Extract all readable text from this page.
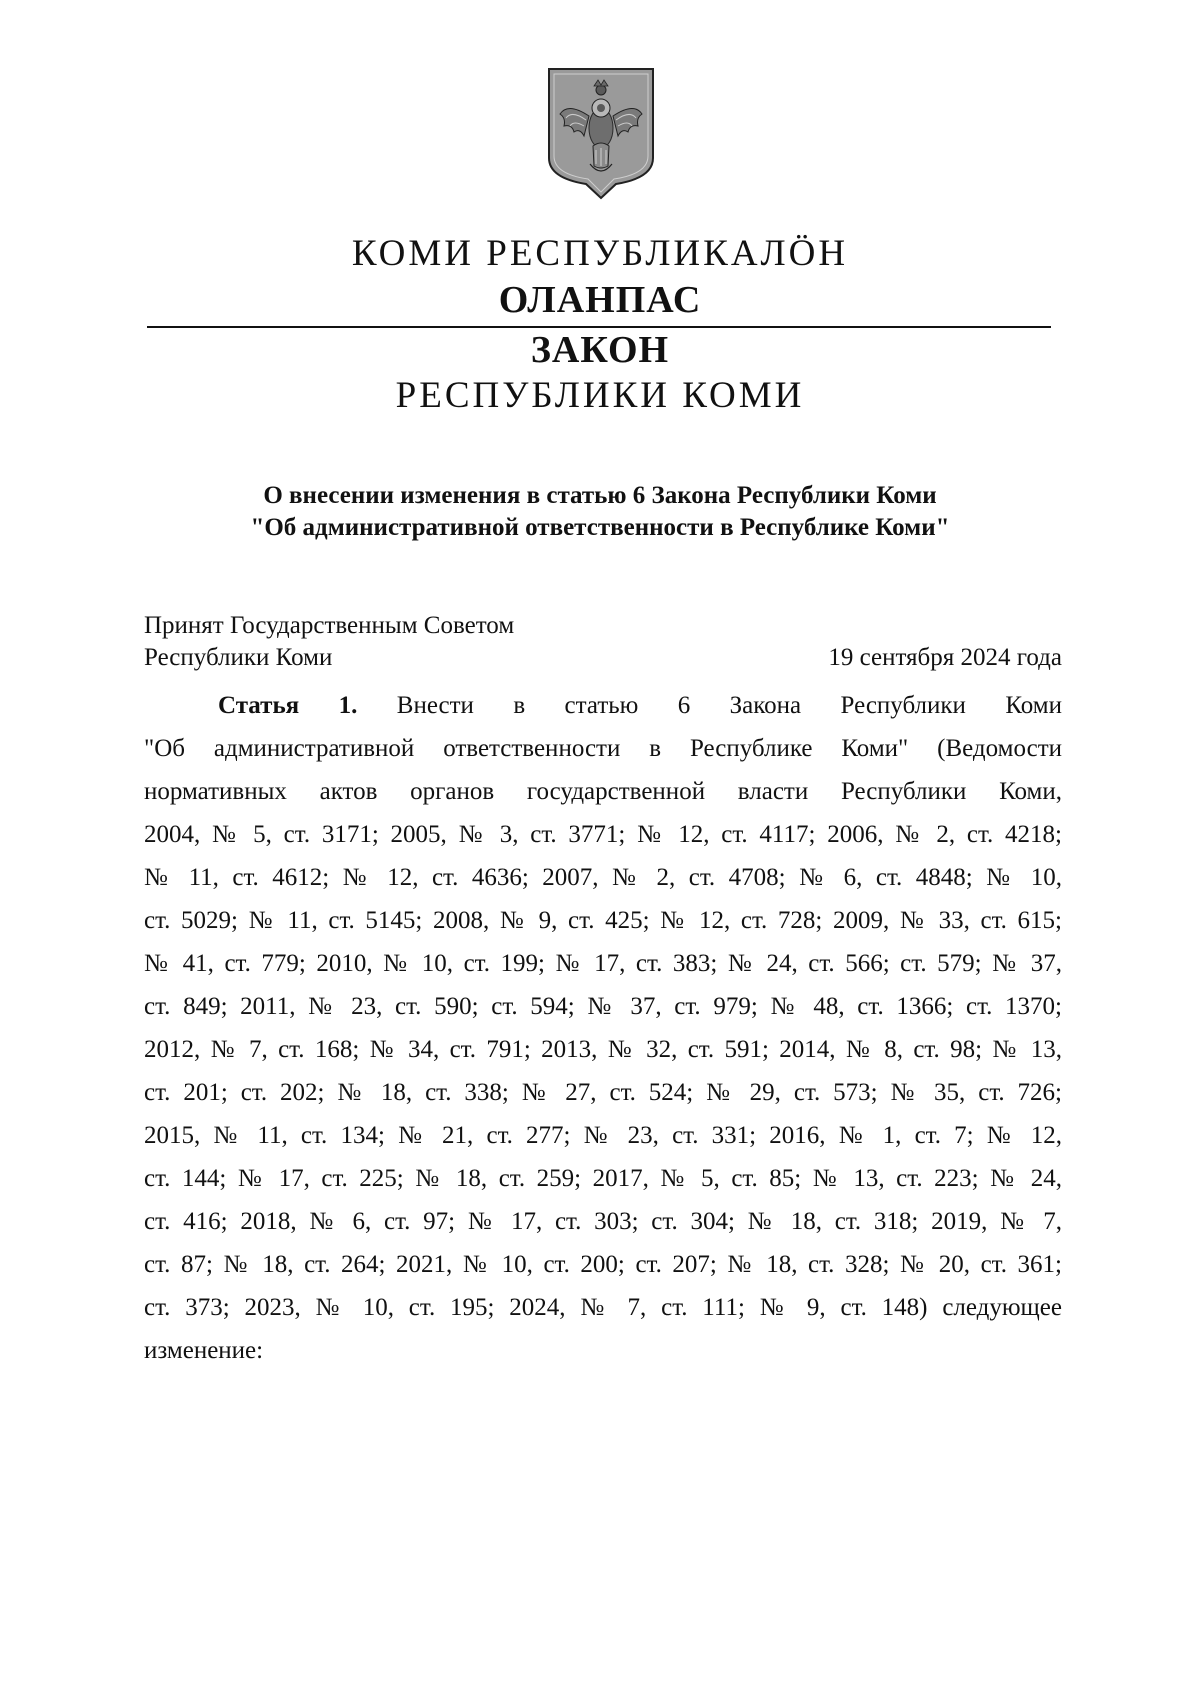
КОМИ РЕСПУБЛИКАЛӦН
ОЛАНПАС
ЗАКОН
РЕСПУБЛИКИ КОМИ
О внесении изменения в статью 6 Закона Республики Коми
"Об административной ответственности в Республике Коми"
Принят Государственным Советом
Республики Коми	19 сентября 2024 года
Статья 1. Внести в статью 6 Закона Республики Коми
"Об административной ответственности в Республике Коми" (Ведомости
нормативных актов органов государственной власти Республики Коми,
2004, № 5, ст. 3171; 2005, № 3, ст. 3771; № 12, ст. 4117; 2006, № 2, ст. 4218;
№ 11, ст. 4612; № 12, ст. 4636; 2007, № 2, ст. 4708; № 6, ст. 4848; № 10,
ст. 5029; № 11, ст. 5145; 2008, № 9, ст. 425; № 12, ст. 728; 2009, № 33, ст. 615;
№ 41, ст. 779; 2010, № 10, ст. 199; № 17, ст. 383; № 24, ст. 566; ст. 579; № 37,
ст. 849; 2011, № 23, ст. 590; ст. 594; № 37, ст. 979; № 48, ст. 1366; ст. 1370;
2012, № 7, ст. 168; № 34, ст. 791; 2013, № 32, ст. 591; 2014, № 8, ст. 98; № 13,
ст. 201; ст. 202; № 18, ст. 338; № 27, ст. 524; № 29, ст. 573; № 35, ст. 726;
2015, № 11, ст. 134; № 21, ст. 277; № 23, ст. 331; 2016, № 1, ст. 7; № 12,
ст. 144; № 17, ст. 225; № 18, ст. 259; 2017, № 5, ст. 85; № 13, ст. 223; № 24,
ст. 416; 2018, № 6, ст. 97; № 17, ст. 303; ст. 304; № 18, ст. 318; 2019, № 7,
ст. 87; № 18, ст. 264; 2021, № 10, ст. 200; ст. 207; № 18, ст. 328; № 20, ст. 361;
ст. 373; 2023, № 10, ст. 195; 2024, № 7, ст. 111; № 9, ст. 148) следующее
изменение:
